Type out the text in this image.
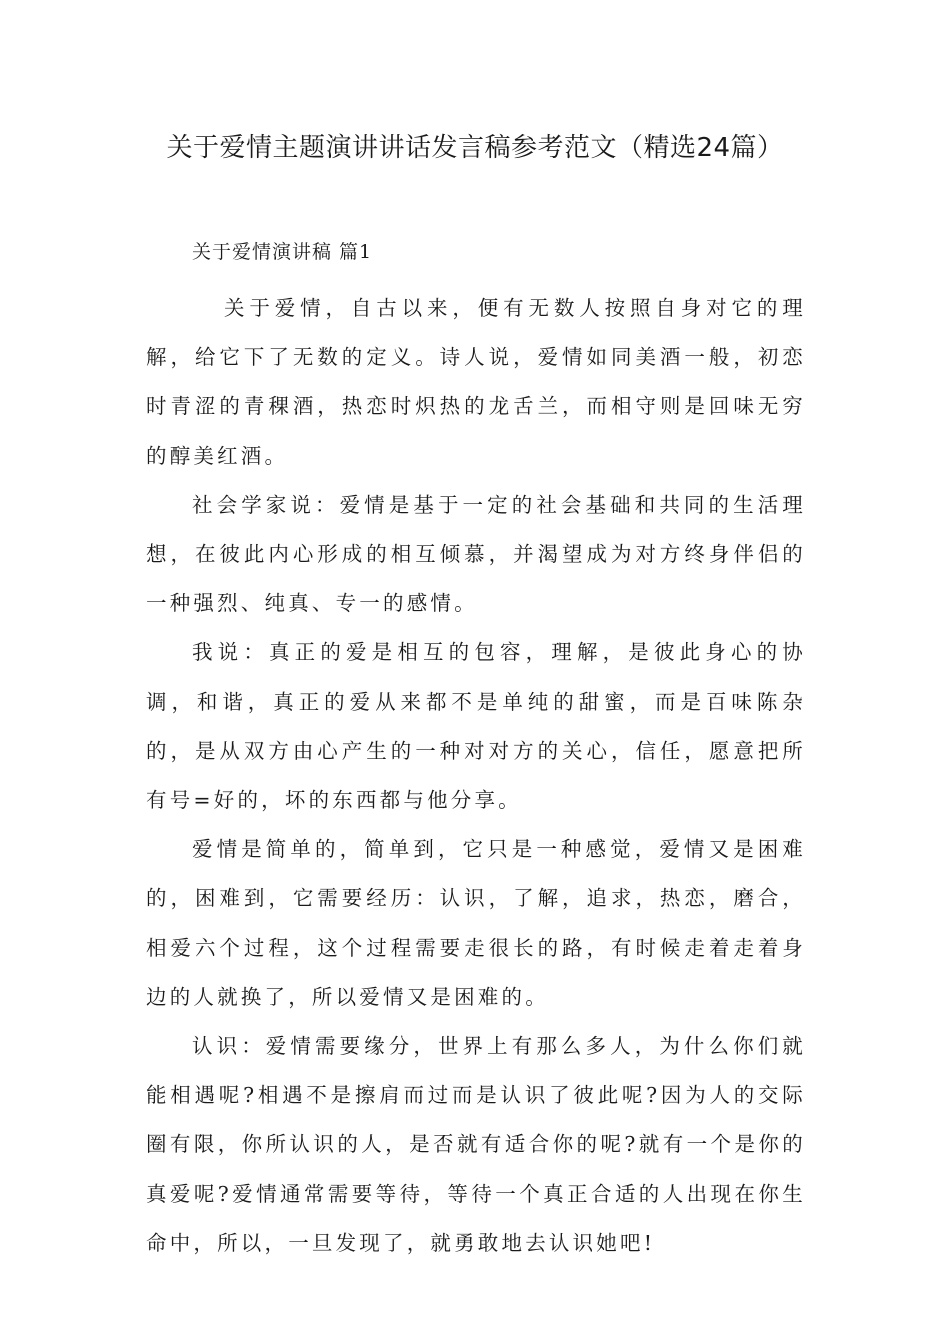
关于爱情主题演讲讲话发言稿参考范文（精选24篇）
关于爱情演讲稿 篇1

关于爱情，自古以来，便有无数人按照自身对它的理解，给它下了无数的定义。诗人说，爱情如同美酒一般，初恋时青涩的青稞酒，热恋时炽热的龙舌兰，而相守则是回味无穷的醇美红酒。

社会学家说：爱情是基于一定的社会基础和共同的生活理想，在彼此内心形成的相互倾慕，并渴望成为对方终身伴侣的一种强烈、纯真、专一的感情。

我说：真正的爱是相互的包容，理解，是彼此身心的协调，和谐，真正的爱从来都不是单纯的甜蜜，而是百味陈杂的，是从双方由心产生的一种对对方的关心，信任，愿意把所有号=好的，坏的东西都与他分享。

爱情是简单的，简单到，它只是一种感觉，爱情又是困难的，困难到，它需要经历：认识，了解，追求，热恋，磨合，相爱六个过程，这个过程需要走很长的路，有时候走着走着身边的人就换了，所以爱情又是困难的。

认识：爱情需要缘分，世界上有那么多人，为什么你们就能相遇呢?相遇不是擦肩而过而是认识了彼此呢?因为人的交际圈有限，你所认识的人，是否就有适合你的呢?就有一个是你的真爱呢?爱情通常需要等待，等待一个真正合适的人出现在你生命中，所以，一旦发现了，就勇敢地去认识她吧!
